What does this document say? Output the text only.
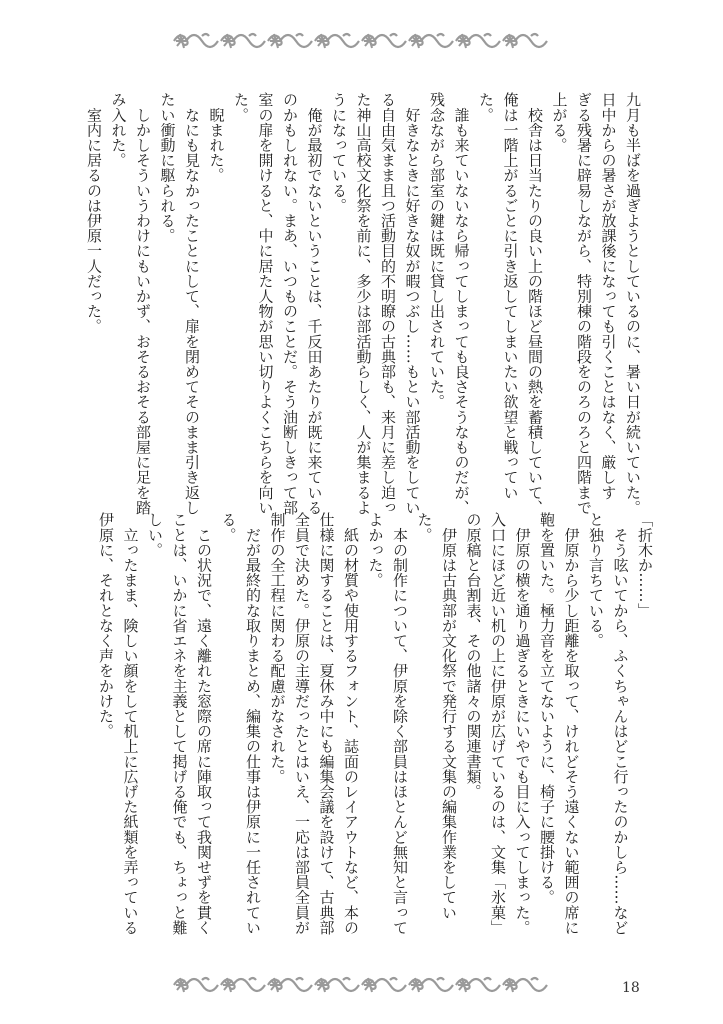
九月も半ばを過ぎようとしているのに、暑い日が続いていた。
日中からの暑さが放課後になっても引くことはなく、厳しす
ぎる残暑に辟易しながら、特別棟の階段をのろのろと四階まで
上がる。
　校舎は日当たりの良い上の階ほど昼間の熱を蓄積していて、
俺は一階上がるごとに引き返してしまいたい欲望と戦ってい
た。
　誰も来ていないなら帰ってしまっても良さそうなものだが、
残念ながら部室の鍵は既に貸し出されていた。
　好きなときに好きな奴が暇つぶし……もとい部活動をしてい
る自由気まま且つ活動目的不明瞭の古典部も、来月に差し迫っ
た神山高校文化祭を前に、多少は部活動らしく、人が集まるよ
うになっている。
　俺が最初でないということは、千反田あたりが既に来ている
のかもしれない。まあ、いつものことだ。そう油断しきって部
室の扉を開けると、中に居た人物が思い切りよくこちらを向い
た。
　睨まれた。
　なにも見なかったことにして、扉を閉めてそのまま引き返し
たい衝動に駆られる。
　しかしそういうわけにもいかず、おそるおそる部屋に足を踏
み入れた。
　室内に居るのは伊原一人だった。
「折木か……」
　そう呟いてから、ふくちゃんはどこ行ったのかしら……など
と独り言ちている。
　伊原から少し距離を取って、けれどそう遠くない範囲の席に
鞄を置いた。極力音を立てないように、椅子に腰掛ける。
　伊原の横を通り過ぎるときにいやでも目に入ってしまった。
入口にほど近い机の上に伊原が広げているのは、文集「氷菓」
の原稿と台割表、その他諸々の関連書類。
　伊原は古典部が文化祭で発行する文集の編集作業をしてい
た。
　本の制作について、伊原を除く部員はほとんど無知と言って
よかった。
　紙の材質や使用するフォント、誌面のレイアウトなど、本の
仕様に関することは、夏休み中にも編集会議を設けて、古典部
全員で決めた。伊原の主導だったとはいえ、一応は部員全員が
制作の全工程に関わる配慮がなされた。
　だが最終的な取りまとめ、編集の仕事は伊原に一任されてい
る。
　この状況で、遠く離れた窓際の席に陣取って我関せずを貫く
ことは、いかに省エネを主義として掲げる俺でも、ちょっと難
しい。
　立ったまま、険しい顔をして机上に広げた紙類を弄っている
伊原に、それとなく声をかけた。
18
